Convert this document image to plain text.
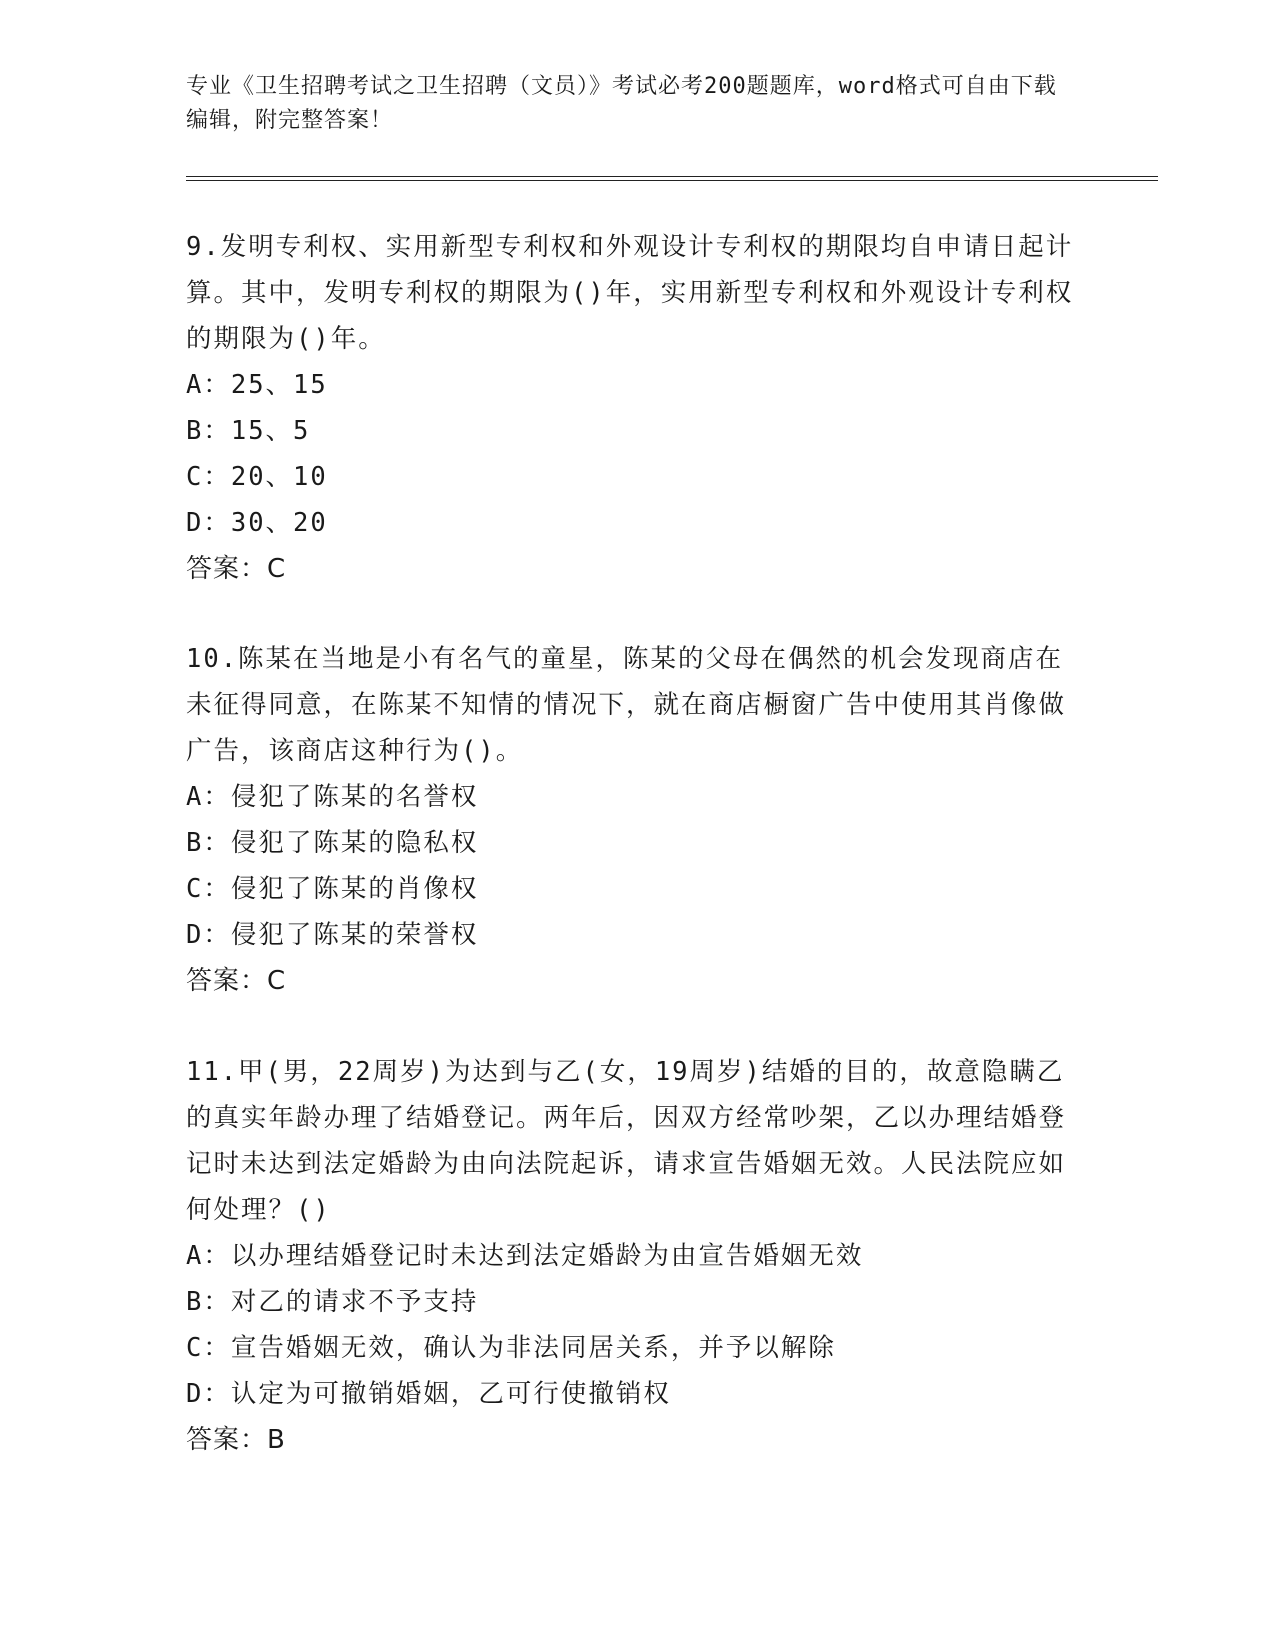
专业《卫生招聘考试之卫生招聘（文员）》考试必考200题题库，word格式可自由下载编辑，附完整答案！
9.发明专利权、实用新型专利权和外观设计专利权的期限均自申请日起计算。其中，发明专利权的期限为()年，实用新型专利权和外观设计专利权的期限为()年。
A：25、15
B：15、5
C：20、10
D：30、20
答案：C
10.陈某在当地是小有名气的童星，陈某的父母在偶然的机会发现商店在未征得同意，在陈某不知情的情况下，就在商店橱窗广告中使用其肖像做广告，该商店这种行为()。
A：侵犯了陈某的名誉权
B：侵犯了陈某的隐私权
C：侵犯了陈某的肖像权
D：侵犯了陈某的荣誉权
答案：C
11.甲(男，22周岁)为达到与乙(女，19周岁)结婚的目的，故意隐瞒乙的真实年龄办理了结婚登记。两年后，因双方经常吵架，乙以办理结婚登记时未达到法定婚龄为由向法院起诉，请求宣告婚姻无效。人民法院应如何处理？()
A：以办理结婚登记时未达到法定婚龄为由宣告婚姻无效
B：对乙的请求不予支持
C：宣告婚姻无效，确认为非法同居关系，并予以解除
D：认定为可撤销婚姻，乙可行使撤销权
答案：B
